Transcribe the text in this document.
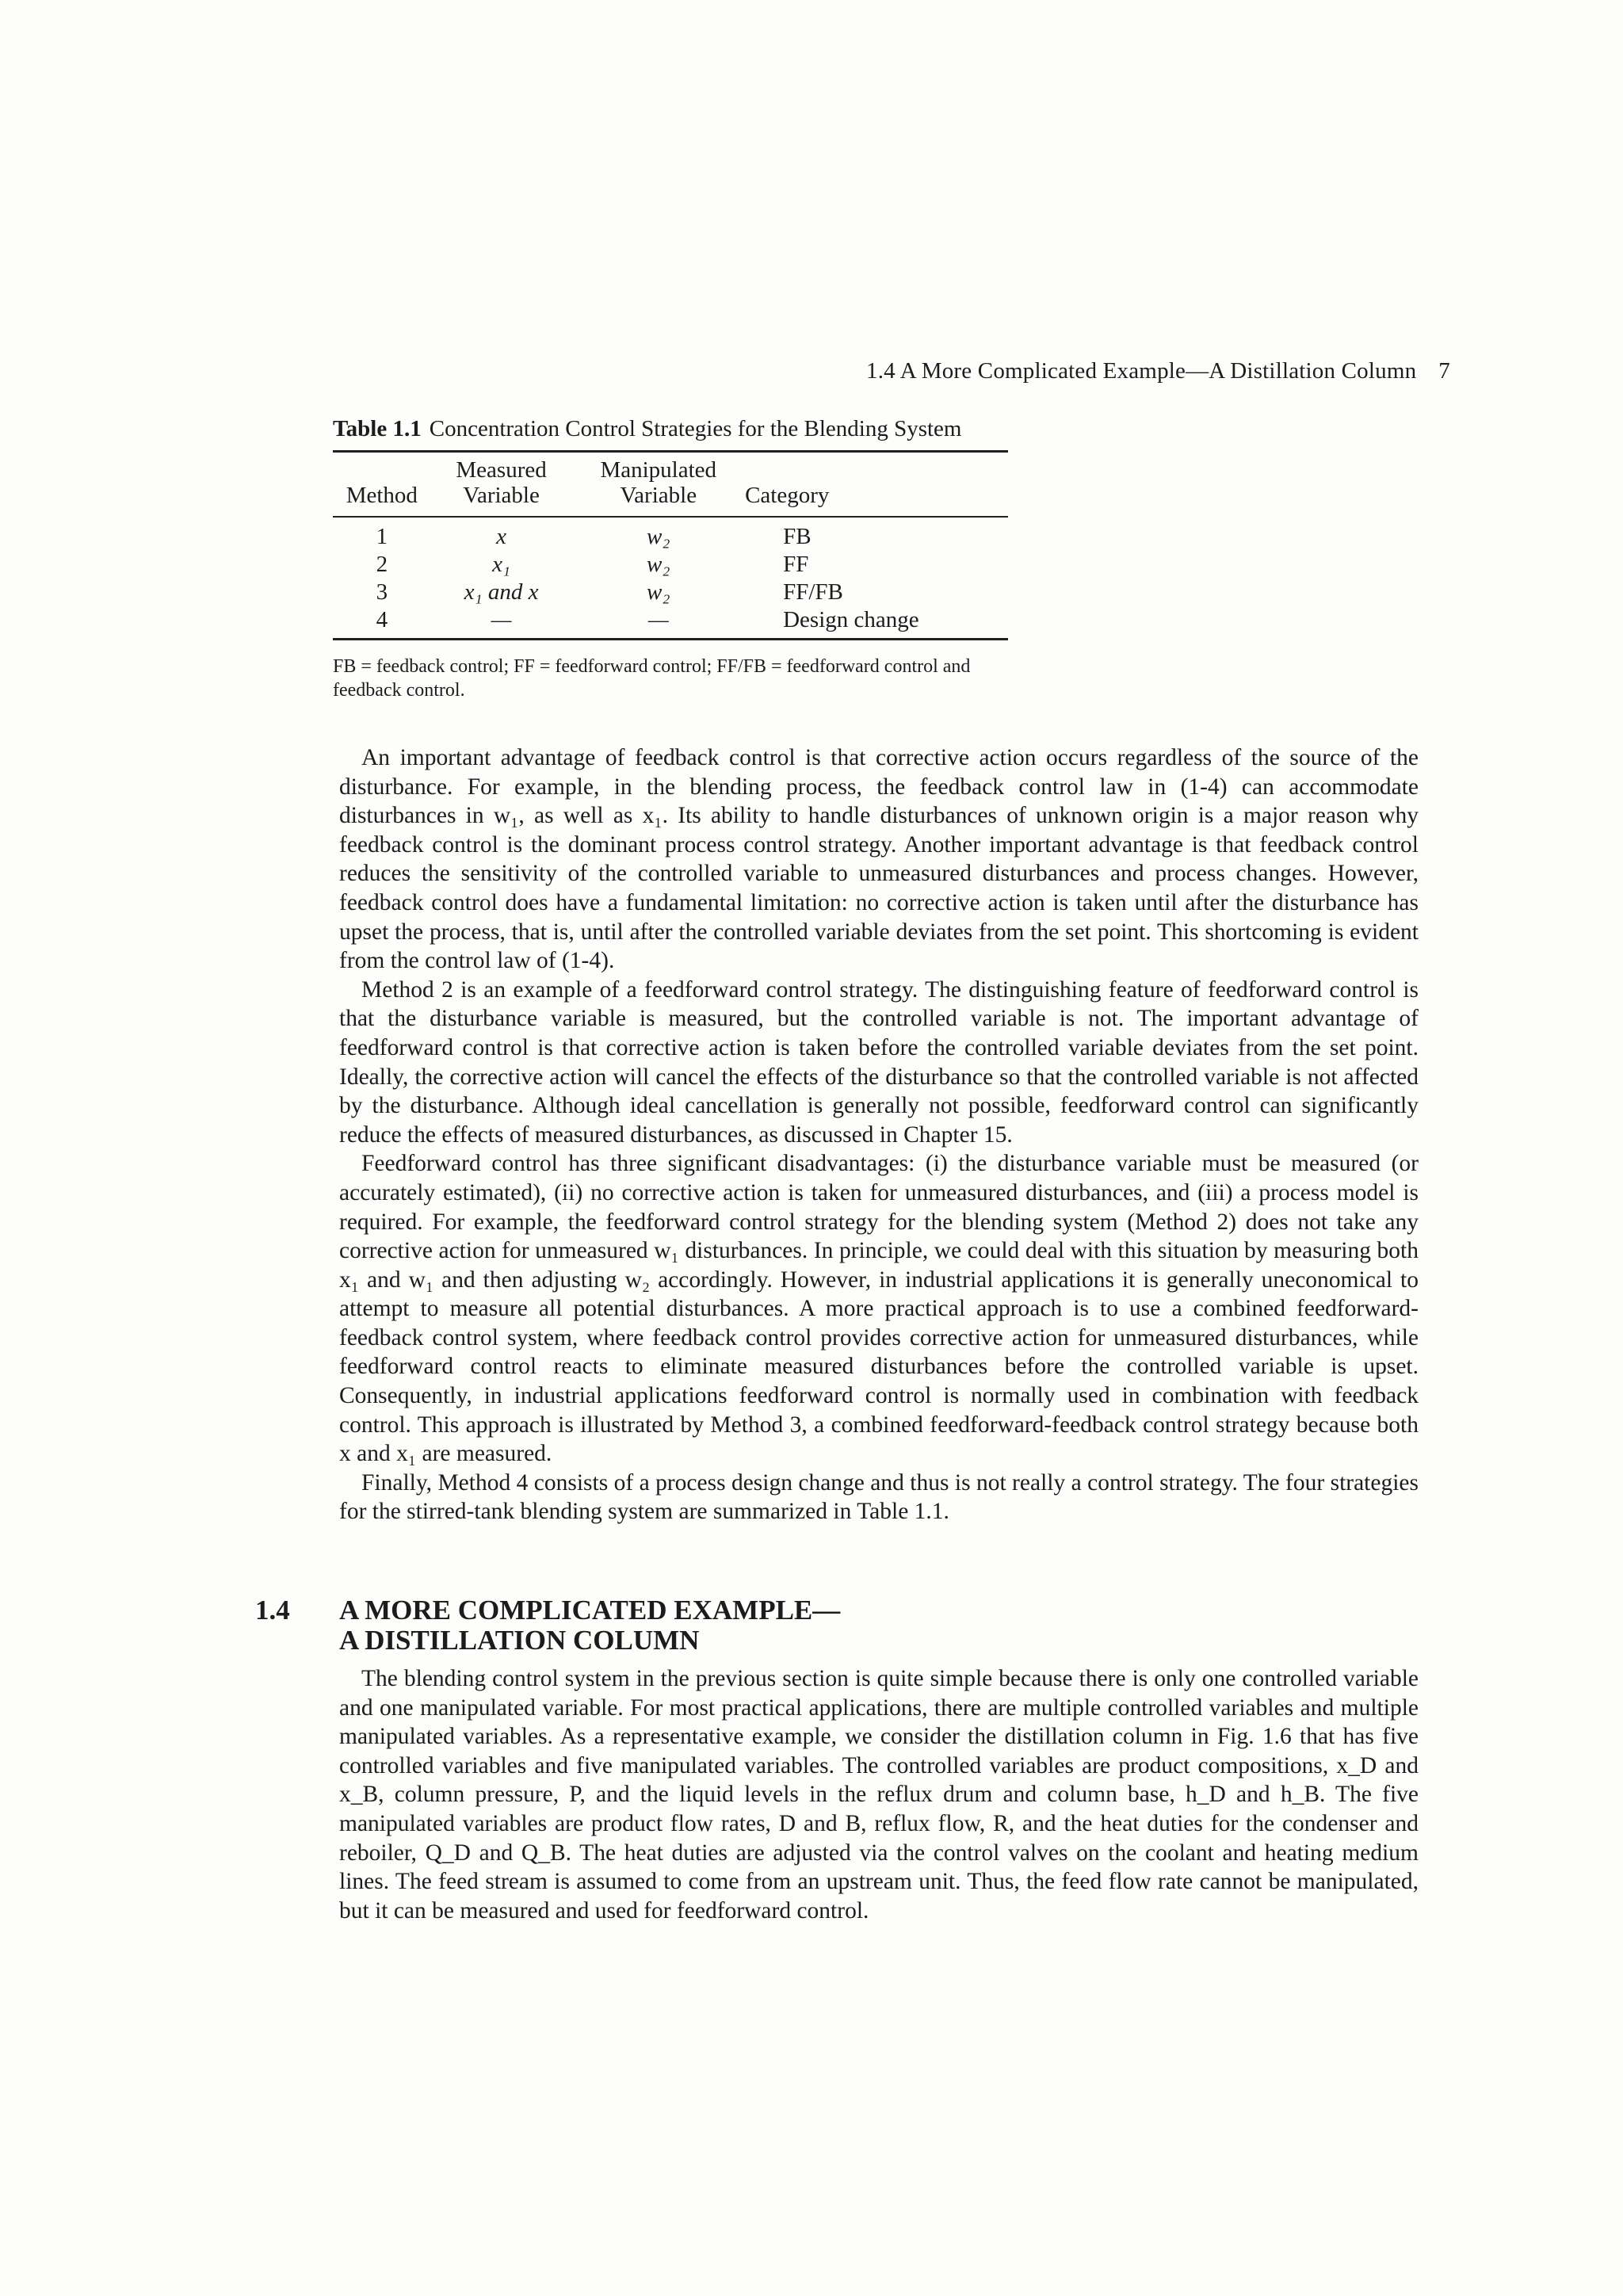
1.4 A More Complicated Example—A Distillation Column 7
Table 1.1 Concentration Control Strategies for the Blending System
Method	Measured Variable	Manipulated Variable	Category
1	x	w₂	FB
2	x₁	w₂	FF
3	x₁ and x	w₂	FF/FB
4	—	—	Design change
FB = feedback control; FF = feedforward control; FF/FB = feedforward control and feedback control.

An important advantage of feedback control is that corrective action occurs regardless of the source of the disturbance. For example, in the blending process, the feedback control law in (1-4) can accommodate disturbances in w₁, as well as x₁. Its ability to handle disturbances of unknown origin is a major reason why feedback control is the dominant process control strategy. Another important advantage is that feedback control reduces the sensitivity of the controlled variable to unmeasured disturbances and process changes. However, feedback control does have a fundamental limitation: no corrective action is taken until after the disturbance has upset the process, that is, until after the controlled variable deviates from the set point. This shortcoming is evident from the control law of (1-4).

Method 2 is an example of a feedforward control strategy. The distinguishing feature of feedforward control is that the disturbance variable is measured, but the controlled variable is not. The important advantage of feedforward control is that corrective action is taken before the controlled variable deviates from the set point. Ideally, the corrective action will cancel the effects of the disturbance so that the controlled variable is not affected by the disturbance. Although ideal cancellation is generally not possible, feedforward control can significantly reduce the effects of measured disturbances, as discussed in Chapter 15.

Feedforward control has three significant disadvantages: (i) the disturbance variable must be measured (or accurately estimated), (ii) no corrective action is taken for unmeasured disturbances, and (iii) a process model is required. For example, the feedforward control strategy for the blending system (Method 2) does not take any corrective action for unmeasured w₁ disturbances. In principle, we could deal with this situation by measuring both x₁ and w₁ and then adjusting w₂ accordingly. However, in industrial applications it is generally uneconomical to attempt to measure all potential disturbances. A more practical approach is to use a combined feedforward-feedback control system, where feedback control provides corrective action for unmeasured disturbances, while feedforward control reacts to eliminate measured disturbances before the controlled variable is upset. Consequently, in industrial applications feedforward control is normally used in combination with feedback control. This approach is illustrated by Method 3, a combined feedforward-feedback control strategy because both x and x₁ are measured.

Finally, Method 4 consists of a process design change and thus is not really a control strategy. The four strategies for the stirred-tank blending system are summarized in Table 1.1.

1.4 A MORE COMPLICATED EXAMPLE—
A DISTILLATION COLUMN

The blending control system in the previous section is quite simple because there is only one controlled variable and one manipulated variable. For most practical applications, there are multiple controlled variables and multiple manipulated variables. As a representative example, we consider the distillation column in Fig. 1.6 that has five controlled variables and five manipulated variables. The controlled variables are product compositions, x_D and x_B, column pressure, P, and the liquid levels in the reflux drum and column base, h_D and h_B. The five manipulated variables are product flow rates, D and B, reflux flow, R, and the heat duties for the condenser and reboiler, Q_D and Q_B. The heat duties are adjusted via the control valves on the coolant and heating medium lines. The feed stream is assumed to come from an upstream unit. Thus, the feed flow rate cannot be manipulated, but it can be measured and used for feedforward control.
